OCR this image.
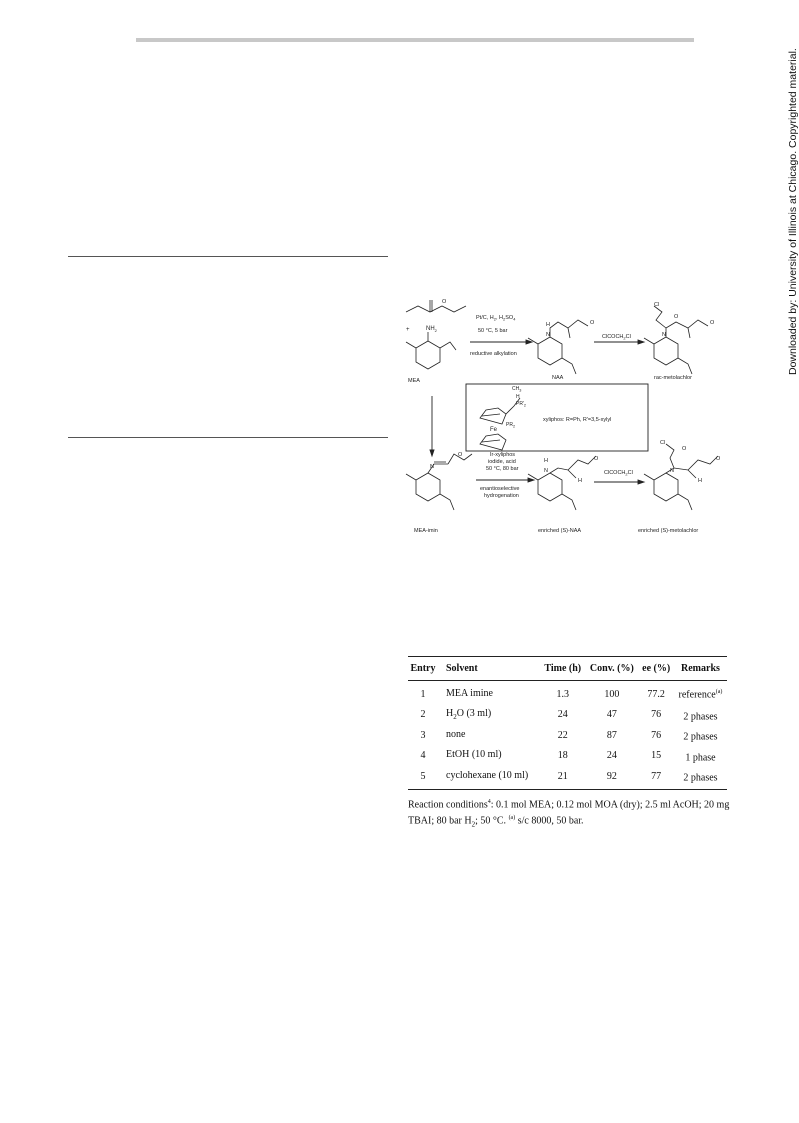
+
O
$NH_2$
MEA
Pt/C, $H_2$, $H_2SO_4$
50 °C, 5 bar
reductive alkylation
H
N
O
NAA
ClCOCH$_2$Cl
Cl
O
N
O
rac-metolachlor
$CH_3$
H
$PR'_2$
Fe
$PR_2$
xyliphos: R=Ph, R'=3,5-xylyl
Ir-xyliphos
iodide, acid
50 °C, 80 bar
enantioselective
hydrogenation
N
O
MEA-imin
H
N
H
O
enriched (S)-NAA
ClCOCH$_2$Cl
Cl
O
N
H
O
enriched (S)-metolachlor
Entry	Solvent	Time (h)	Conv. (%)	ee (%)	Remarks
1	MEA imine	1.3	100	77.2	reference$^{(a)}$
2	$H_2O$ (3 ml)	24	47	76	2 phases
3	none	22	87	76	2 phases
4	EtOH (10 ml)	18	24	15	1 phase
5	cyclohexane (10 ml)	21	92	77	2 phases
Reaction conditions$^4$: 0.1 mol MEA; 0.12 mol MOA (dry); 2.5 ml AcOH; 20 mg TBAI; 80 bar $H_2$; 50 °C. $^{(a)}$ s/c 8000, 50 bar.
Downloaded by: University of Illinois at Chicago. Copyrighted material.
